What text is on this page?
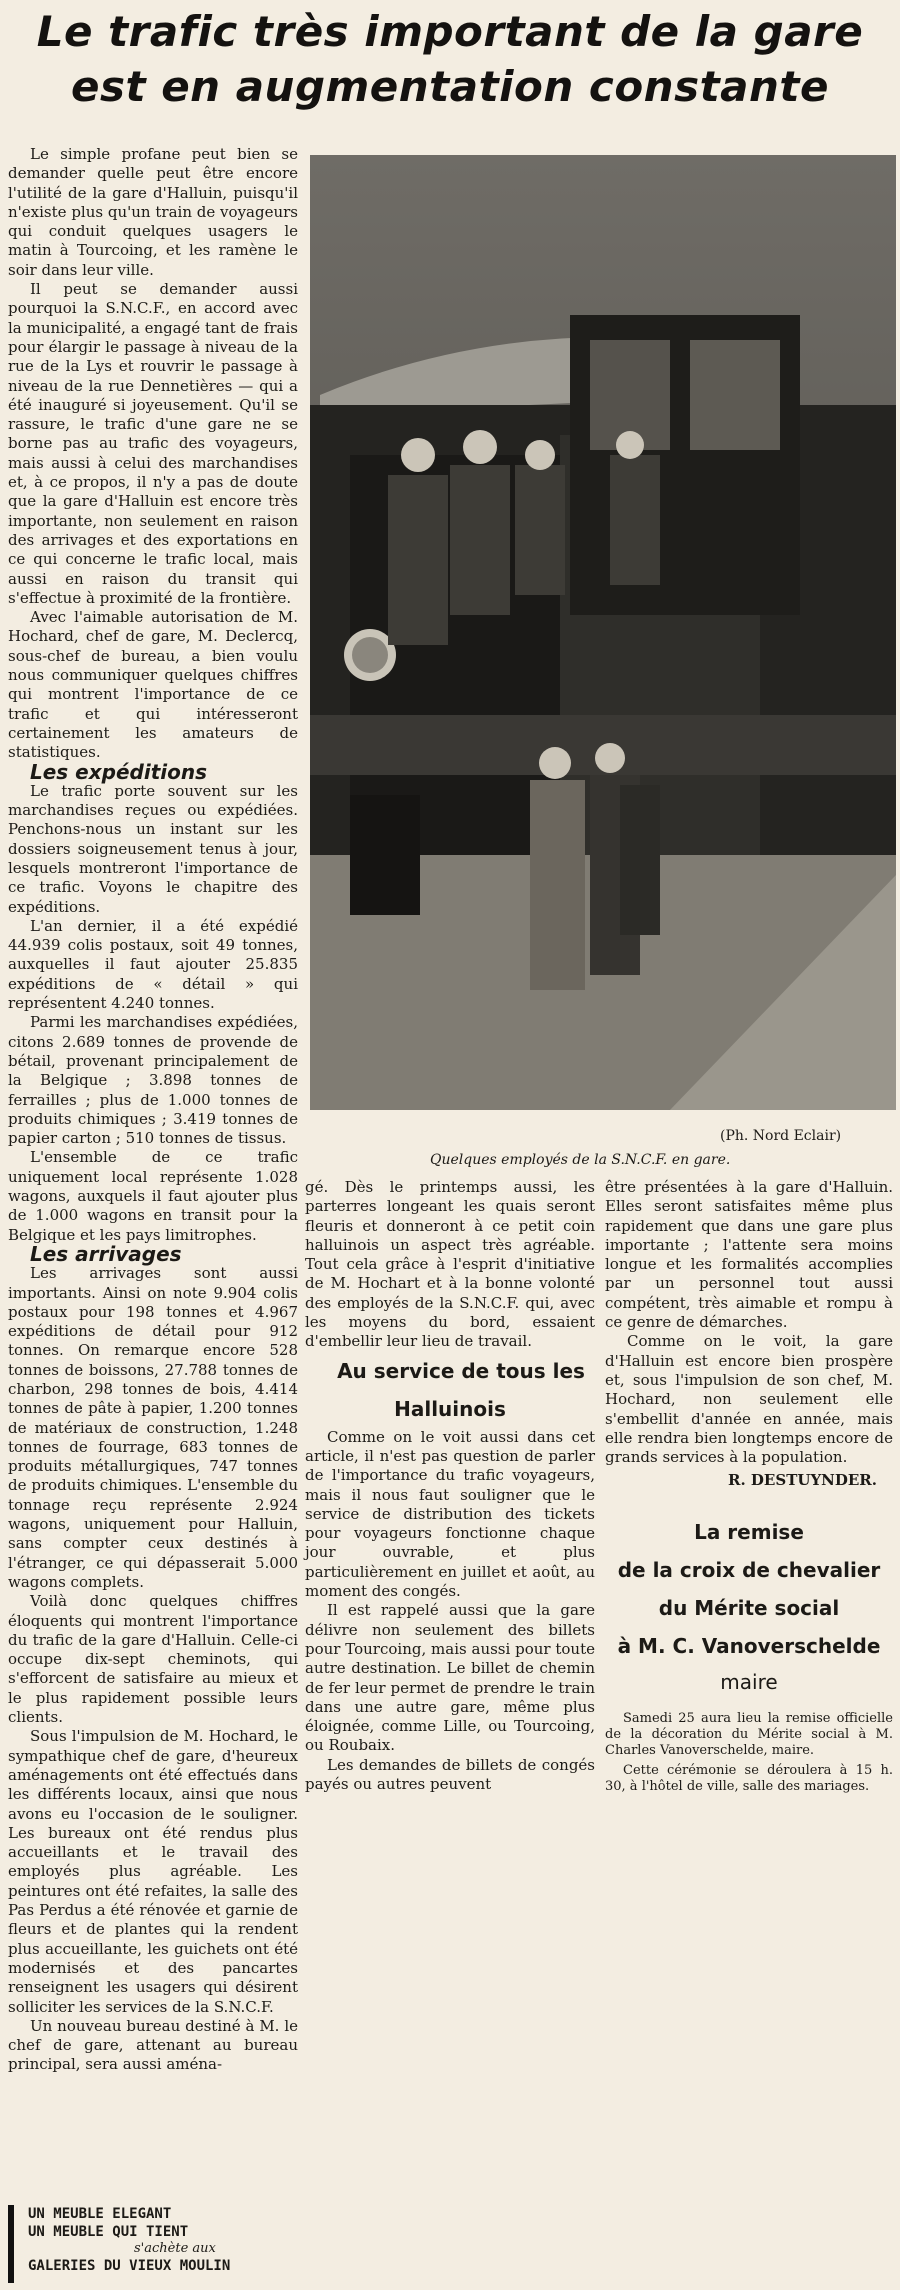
Le trafic très important de la gare est en augmentation constante

Le simple profane peut bien se demander quelle peut être encore l'utilité de la gare d'Halluin, puisqu'il n'existe plus qu'un train de voyageurs qui conduit quelques usagers le matin à Tourcoing, et les ramène le soir dans leur ville.

Il peut se demander aussi pourquoi la S.N.C.F., en accord avec la municipalité, a engagé tant de frais pour élargir le passage à niveau de la rue de la Lys et rouvrir le passage à niveau de la rue Dennetières — qui a été inauguré si joyeusement. Qu'il se rassure, le trafic d'une gare ne se borne pas au trafic des voyageurs, mais aussi à celui des marchandises et, à ce propos, il n'y a pas de doute que la gare d'Halluin est encore très importante, non seulement en raison des arrivages et des exportations en ce qui concerne le trafic local, mais aussi en raison du transit qui s'effectue à proximité de la frontière.

Avec l'aimable autorisation de M. Hochard, chef de gare, M. Declercq, sous-chef de bureau, a bien voulu nous communiquer quelques chiffres qui montrent l'importance de ce trafic et qui intéresseront certainement les amateurs de statistiques.

Les expéditions

Le trafic porte souvent sur les marchandises reçues ou expédiées. Penchons-nous un instant sur les dossiers soigneusement tenus à jour, lesquels montreront l'importance de ce trafic. Voyons le chapitre des expéditions.

L'an dernier, il a été expédié 44.939 colis postaux, soit 49 tonnes, auxquelles il faut ajouter 25.835 expéditions de « détail » qui représentent 4.240 tonnes.

Parmi les marchandises expédiées, citons 2.689 tonnes de provende de bétail, provenant principalement de la Belgique ; 3.898 tonnes de ferrailles ; plus de 1.000 tonnes de produits chimiques ; 3.419 tonnes de papier carton ; 510 tonnes de tissus.

L'ensemble de ce trafic uniquement local représente 1.028 wagons, auxquels il faut ajouter plus de 1.000 wagons en transit pour la Belgique et les pays limitrophes.

Les arrivages

Les arrivages sont aussi importants. Ainsi on note 9.904 colis postaux pour 198 tonnes et 4.967 expéditions de détail pour 912 tonnes. On remarque encore 528 tonnes de boissons, 27.788 tonnes de charbon, 298 tonnes de bois, 4.414 tonnes de pâte à papier, 1.200 tonnes de matériaux de construction, 1.248 tonnes de fourrage, 683 tonnes de produits métallurgiques, 747 tonnes de produits chimiques. L'ensemble du tonnage reçu représente 2.924 wagons, uniquement pour Halluin, sans compter ceux destinés à l'étranger, ce qui dépasserait 5.000 wagons complets.

Voilà donc quelques chiffres éloquents qui montrent l'importance du trafic de la gare d'Halluin. Celle-ci occupe dix-sept cheminots, qui s'efforcent de satisfaire au mieux et le plus rapidement possible leurs clients.

Sous l'impulsion de M. Hochard, le sympathique chef de gare, d'heureux aménagements ont été effectués dans les différents locaux, ainsi que nous avons eu l'occasion de le souligner. Les bureaux ont été rendus plus accueillants et le travail des employés plus agréable. Les peintures ont été refaites, la salle des Pas Perdus a été rénovée et garnie de fleurs et de plantes qui la rendent plus accueillante, les guichets ont été modernisés et des pancartes renseignent les usagers qui désirent solliciter les services de la S.N.C.F.

Un nouveau bureau destiné à M. le chef de gare, attenant au bureau principal, sera aussi aména-

(Ph. Nord Eclair)
Quelques employés de la S.N.C.F. en gare.

gé. Dès le printemps aussi, les parterres longeant les quais seront fleuris et donneront à ce petit coin halluinois un aspect très agréable. Tout cela grâce à l'esprit d'initiative de M. Hochart et à la bonne volonté des employés de la S.N.C.F. qui, avec les moyens du bord, essaient d'embellir leur lieu de travail.

Au service de tous les Halluinois

Comme on le voit aussi dans cet article, il n'est pas question de parler de l'importance du trafic voyageurs, mais il nous faut souligner que le service de distribution des tickets pour voyageurs fonctionne chaque jour ouvrable, et plus particulièrement en juillet et août, au moment des congés.

Il est rappelé aussi que la gare délivre non seulement des billets pour Tourcoing, mais aussi pour toute autre destination. Le billet de chemin de fer leur permet de prendre le train dans une autre gare, même plus éloignée, comme Lille, ou Tourcoing, ou Roubaix.

Les demandes de billets de congés payés ou autres peuvent

être présentées à la gare d'Halluin. Elles seront satisfaites même plus rapidement que dans une gare plus importante ; l'attente sera moins longue et les formalités accomplies par un personnel tout aussi compétent, très aimable et rompu à ce genre de démarches.

Comme on le voit, la gare d'Halluin est encore bien prospère et, sous l'impulsion de son chef, M. Hochard, non seulement elle s'embellit d'année en année, mais elle rendra bien longtemps encore de grands services à la population.

R. DESTUYNDER.
La remise
de la croix de chevalier
du Mérite social
à M. C. Vanoverschelde
maire

Samedi 25 aura lieu la remise officielle de la décoration du Mérite social à M. Charles Vanoverschelde, maire.

Cette cérémonie se déroulera à 15 h. 30, à l'hôtel de ville, salle des mariages.

UN MEUBLE ELEGANT
UN MEUBLE QUI TIENT
s'achète aux
GALERIES DU VIEUX MOULIN
